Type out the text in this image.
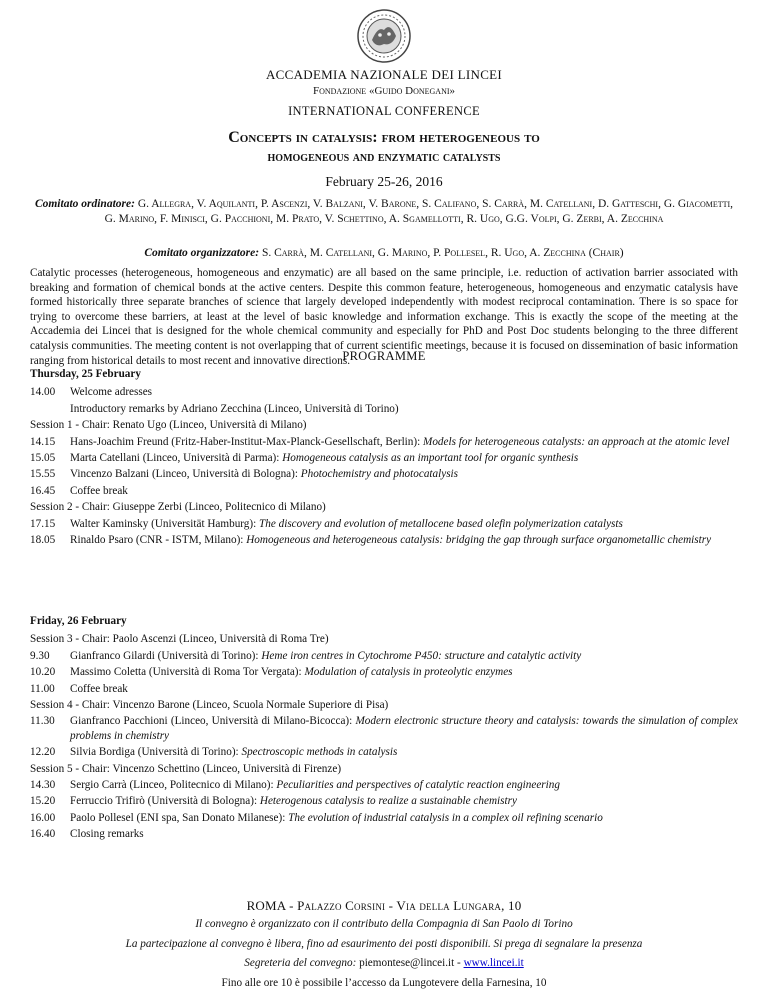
ACCADEMIA NAZIONALE DEI LINCEI
Fondazione «Guido Donegani»
INTERNATIONAL CONFERENCE
Concepts in catalysis: from heterogeneous to
homogeneous and enzymatic catalysts
February 25-26, 2016
Comitato ordinatore: G. Allegra, V. Aquilanti, P. Ascenzi, V. Balzani, V. Barone, S. Califano, S. Carrà, M. Catellani, D. Gatteschi, G. Giacometti, G. Marino, F. Minisci, G. Pacchioni, M. Prato, V. Schettino, A. Sgamellotti, R. Ugo, G.G. Volpi, G. Zerbi, A. Zecchina
Comitato organizzatore: S. Carrà, M. Catellani, G. Marino, P. Pollesel, R. Ugo, A. Zecchina (Chair)
Catalytic processes (heterogeneous, homogeneous and enzymatic) are all based on the same principle, i.e. reduction of activation barrier associated with breaking and formation of chemical bonds at the active centers. Despite this common feature, heterogeneous, homogeneous and enzymatic catalysis have formed historically three separate branches of science that largely developed independently with modest reciprocal contamination. There is so space for trying to overcome these barriers, at least at the level of basic knowledge and information exchange. This is exactly the scope of the meeting at the Accademia dei Lincei that is designed for the whole chemical community and especially for PhD and Post Doc students belonging to the three different catalysis communities. The meeting content is not overlapping that of current scientific meetings, because it is focused on dissemination of basic information ranging from historical details to most recent and innovative directions.
PROGRAMME
Thursday, 25 February
14.00	Welcome adresses
Introductory remarks by Adriano Zecchina (Linceo, Università di Torino)
Session 1 - Chair: Renato Ugo (Linceo, Università di Milano)
14.15	Hans-Joachim Freund (Fritz-Haber-Institut-Max-Planck-Gesellschaft, Berlin): Models for heterogeneous catalysts: an approach at the atomic level
15.05	Marta Catellani (Linceo, Università di Parma): Homogeneous catalysis as an important tool for organic synthesis
15.55	Vincenzo Balzani (Linceo, Università di Bologna): Photochemistry and photocatalysis
16.45	Coffee break
Session 2 - Chair: Giuseppe Zerbi (Linceo, Politecnico di Milano)
17.15	Walter Kaminsky (Universität Hamburg): The discovery and evolution of metallocene based olefin polymerization catalysts
18.05	Rinaldo Psaro (CNR - ISTM, Milano): Homogeneous and heterogeneous catalysis: bridging the gap through surface organometallic chemistry
Friday, 26 February
Session 3 - Chair: Paolo Ascenzi (Linceo, Università di Roma Tre)
9.30	Gianfranco Gilardi (Università di Torino): Heme iron centres in Cytochrome P450: structure and catalytic activity
10.20	Massimo Coletta (Università di Roma Tor Vergata): Modulation of catalysis in proteolytic enzymes
11.00	Coffee break
Session 4 - Chair: Vincenzo Barone (Linceo, Scuola Normale Superiore di Pisa)
11.30	Gianfranco Pacchioni (Linceo, Università di Milano-Bicocca): Modern electronic structure theory and catalysis: towards the simulation of complex problems in chemistry
12.20	Silvia Bordiga (Università di Torino): Spectroscopic methods in catalysis
Session 5 - Chair: Vincenzo Schettino (Linceo, Università di Firenze)
14.30	Sergio Carrà (Linceo, Politecnico di Milano): Peculiarities and perspectives of catalytic reaction engineering
15.20	Ferruccio Trifirò (Università di Bologna): Heterogenous catalysis to realize a sustainable chemistry
16.00	Paolo Pollesel (ENI spa, San Donato Milanese): The evolution of industrial catalysis in a complex oil refining scenario
16.40	Closing remarks
ROMA - Palazzo Corsini - Via della Lungara, 10
Il convegno è organizzato con il contributo della Compagnia di San Paolo di Torino
La partecipazione al convegno è libera, fino ad esaurimento dei posti disponibili. Si prega di segnalare la presenza
Segreteria del convegno: piemontese@lincei.it - www.lincei.it
Fino alle ore 10 è possibile l’accesso da Lungotevere della Farnesina, 10
